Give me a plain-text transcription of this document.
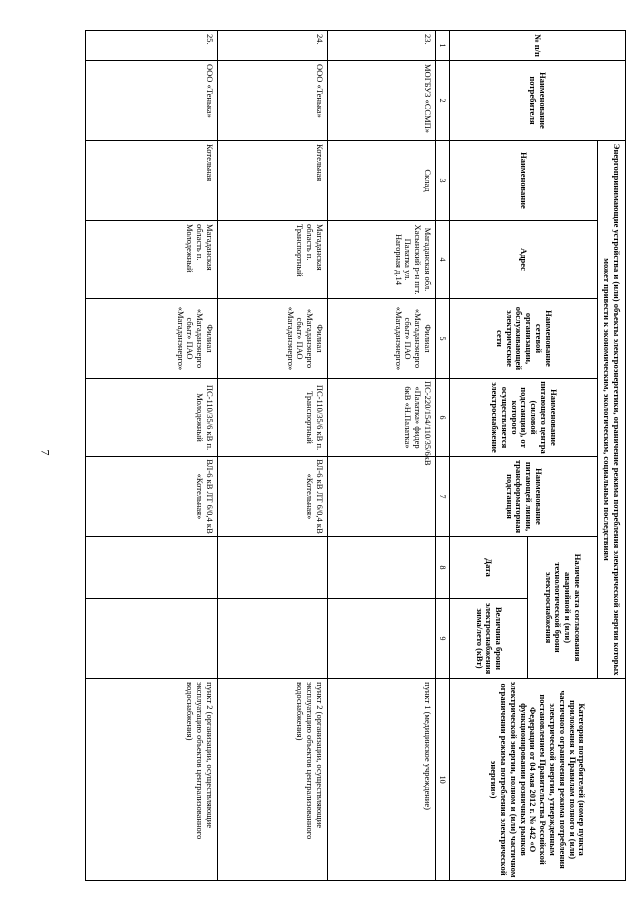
7
№ п/п	Наименование потребителя	Энергопринимающие устройства и (или) объекты электроэнергетики, ограничение режима потребления электрической энергии которых может привести к экономическим, экологическим, социальным последствиям							Категория потребителей (номер пункта приложения к Правилам полного и (или) частичного ограничения режима потребления электрической энергии, утвержденным постановлением Правительства Российской Федерации от 04 мая 2012 г. № 442 «О функционировании розничных рынков электрической энергии, полном и (или) частичном ограничении режима потребления электрической энергии»)
		Наименование	Адрес	Наименование сетевой организации, обслуживающей электрические сети	Наименование питающего центра (силовой подстанции), от которого осуществляется электроснабжение	Наименование питающей линии, трансформаторная подстанция	Наличие акта согласования аварийной и (или) технологической брони электроснабжения		
							Дата	Величина брони электроснабжения зима/лето (кВт)	
1	2	3	4	5	6	7	8	9	10
23.	МОГБУЗ «ССМП»	Склад	Магаданская обл. Хасынский р-н пгт. Палатка ул. Нагорная д.14	Филиал «Магаданэнерго сбыт» ПАО «Магаданэнерго»	ПС-220/154/110/35/6кВ «Палатка» фидер 6кВ «Н.Палатка»				пункт 1 (медицинское учреждение)
24.	ООО «Тенька»	Котельная	Магаданская область п. Транспортный	Филиал «Магаданэнерго сбыт» ПАО «Магаданэнерго»	ПС-110/35/6 кВ п. Транспортный	ВЛ-6 кВ ЛТ 6/0,4 кВ «Котельная»			пункт 2 (организации, осуществляющие эксплуатацию объектов централизованного водоснабжения)
25.	ООО «Тенька»	Котельная	Магаданская область п. Молодежный	Филиал «Магаданэнерго сбыт» ПАО «Магаданэнерго»	ПС-110/35/6 кВ п. Молодежный	ВЛ-6 кВ ЛТ 6/0,4 кВ «Котельная»			пункт 2 (организации, осуществляющие эксплуатацию объектов централизованного водоснабжения)
